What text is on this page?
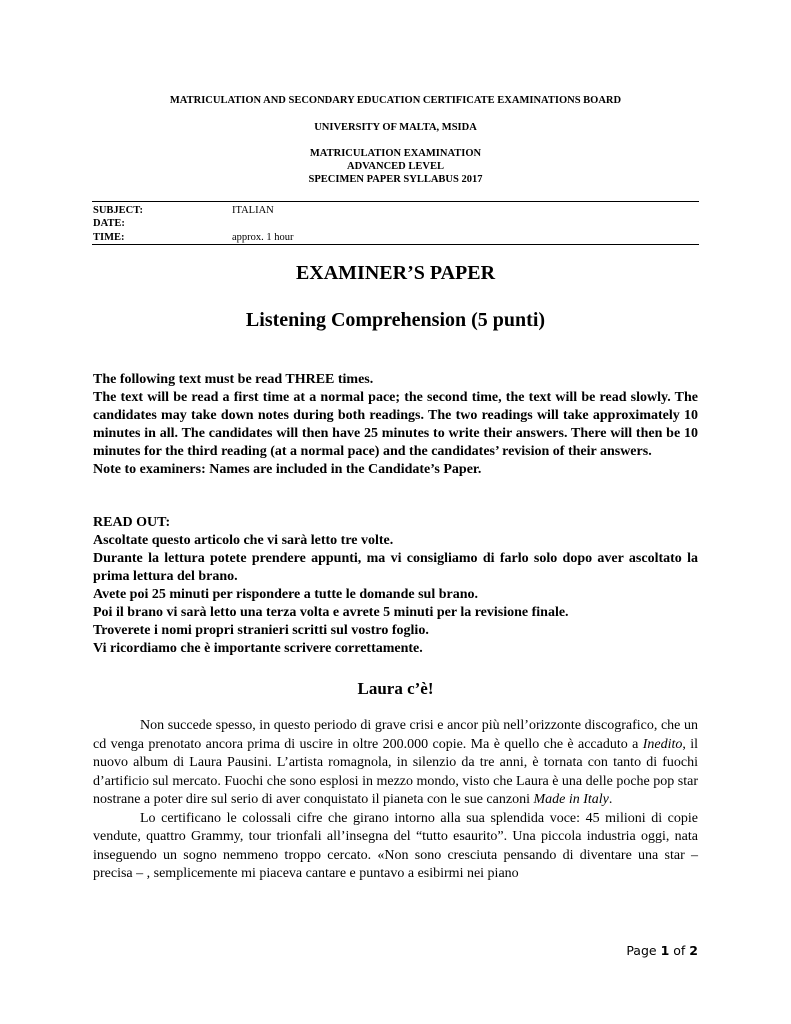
MATRICULATION AND SECONDARY EDUCATION CERTIFICATE EXAMINATIONS BOARD
UNIVERSITY OF MALTA, MSIDA
MATRICULATION EXAMINATION
ADVANCED LEVEL
SPECIMEN PAPER SYLLABUS 2017
SUBJECT:	ITALIAN
DATE:
TIME:	approx. 1 hour
EXAMINER’S PAPER
Listening Comprehension (5 punti)

The following text must be read THREE times.

The text will be read a first time at a normal pace; the second time, the text will be read slowly. The candidates may take down notes during both readings. The two readings will take approximately 10 minutes in all. The candidates will then have 25 minutes to write their answers. There will then be 10 minutes for the third reading (at a normal pace) and the candidates’ revision of their answers.

Note to examiners: Names are included in the Candidate’s Paper.

READ OUT:

Ascoltate questo articolo che vi sarà letto tre volte.

Durante la lettura potete prendere appunti, ma vi consigliamo di farlo solo dopo aver ascoltato la prima lettura del brano.

Avete poi 25 minuti per rispondere a tutte le domande sul brano.

Poi il brano vi sarà letto una terza volta e avrete 5 minuti per la revisione finale.

Troverete i nomi propri stranieri scritti sul vostro foglio.

Vi ricordiamo che è importante scrivere correttamente.

Laura c’è!

Non succede spesso, in questo periodo di grave crisi e ancor più nell’orizzonte discografico, che un cd venga prenotato ancora prima di uscire in oltre 200.000 copie. Ma è quello che è accaduto a Inedito, il nuovo album di Laura Pausini. L’artista romagnola, in silenzio da tre anni, è tornata con tanto di fuochi d’artificio sul mercato. Fuochi che sono esplosi in mezzo mondo, visto che Laura è una delle poche pop star nostrane a poter dire sul serio di aver conquistato il pianeta con le sue canzoni Made in Italy.

Lo certificano le colossali cifre che girano intorno alla sua splendida voce: 45 milioni di copie vendute, quattro Grammy, tour trionfali all’insegna del “tutto esaurito”. Una piccola industria oggi, nata inseguendo un sogno nemmeno troppo cercato. «Non sono cresciuta pensando di diventare una star – precisa – , semplicemente mi piaceva cantare e puntavo a esibirmi nei piano

Page 1 of 2
